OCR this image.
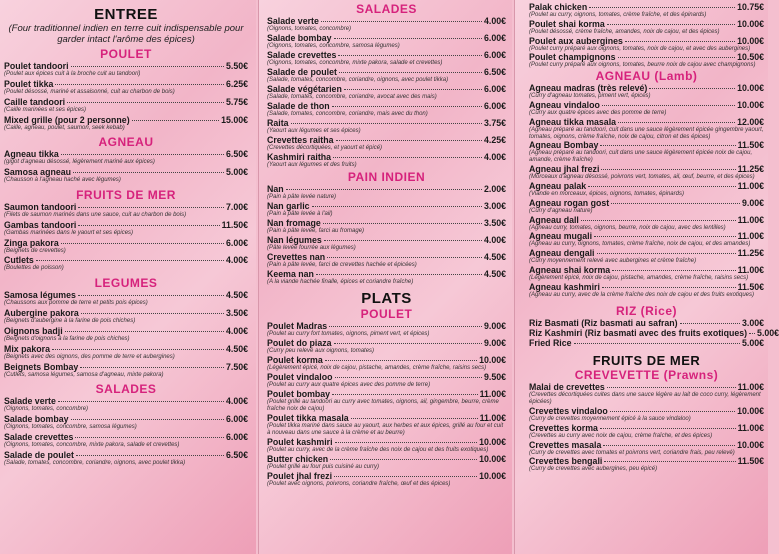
ENTREE
(Four traditionnel indien en terre cuit indispensable pour garder intact l'arôme des épices)
POULET
Poulet tandoori	5.50€
(Poulet aux épices cuit à la broche cuit au tandoori)
Poulet tikka	6.25€
(Poulet désossé, mariné et assaisonné, cuit au charbon de bois)
Caille tandoori	5.75€
(Caille marinées et ses épices)
Mixed grille (pour 2 personne)	15.00€
(Caille, agneau, poulet, saumon, seek kebab)
AGNEAU
Agneau tikka	6.50€
(gigot d'agneau désossé, légèrement mariné aux épices)
Samosa agneau	5.00€
(Chausson à l'agneau haché avec légumes)
FRUITS DE MER
Saumon tandoori	7.00€
(Filets de saumon marinés dans une sauce, cuit au charbon de bois)
Gambas tandoori	11.50€
(Gambas marinées dans le yaourt et ses épices)
Zinga pakora	6.00€
(Beignets de crevettes)
Cutlets	4.00€
(Boulettes de poisson)
LEGUMES
Samosa légumes	4.50€
(Chaussons aux pomme de terre et petits pois épices)
Aubergine pakora	3.50€
(Beignets d'aubergine à la farine de pois chiches)
Oignons badji	4.00€
(Beignets d'oignons à la farine de pois chiches)
Mix pakora	4.50€
(Beignets avec des oignons, des pomme de terre et aubergines)
Beignets Bombay	7.50€
(Cutlets, samosa légumes, samosa d'agneau, mixte pakora)
SALADES
Salade verte	4.00€
(Oignons, tomates, concombre)
Salade bombay	6.00€
(Oignons, tomates, concombre, samosa légumes)
Salade crevettes	6.00€
(Oignons, tomates, concombre, mixte pakora, salade et crevettes)
Salade de poulet	6.50€
(Salade, tomates, concombre, coriandre, oignons, avec poulet tikka)
SALADES
Salade verte	4.00€
(Oignons, tomates, concombre)
Salade bombay	6.00€
(Oignons, tomates, concombre, samosa légumes)
Salade crevettes	6.00€
(Oignons, tomates, concombre, mixte pakora, salade et crevettes)
Salade de poulet	6.50€
(Salade, tomates, concombre, coriandre, oignons, avec poulet tikka)
Salade végétarien	6.00€
(Salade, tomates, concombre, coriandre, avocat avec des mais)
Salade de thon	6.00€
(Salade, tomates, concombre, coriandre, mais avec du thon)
Raita	3.75€
(Yaourt aux légumes et ses épices)
Crevettes raitha	4.25€
(Crevettes décortiquées, et yaourt et épicé)
Kashmiri raitha	4.00€
(Yaourt aux légumes et des fruits)
PAIN INDIEN
Nan	2.00€
(Pain à pâte levée nature)
Nan garlic	3.00€
(Pain à pâte levée à l'ail)
Nan fromage	3.50€
(Pain à pâte levée, farci au fromage)
Nan légumes	4.00€
(Pâte levée fourrée aux légumes)
Crevettes nan	4.50€
(Pain à pâte levée, farci de crevettes hachée et épicées)
Keema nan	4.50€
(A la viande hachée finalle, épices et coriandre fraîche)
PLATS
POULET
Poulet Madras	9.00€
(Poulet au curry fort tomates, oignons, piment vert, et épices)
Poulet do piaza	9.00€
(Curry peu relevé aux oignons, tomates)
Poulet korma	10.00€
(Légèrement épicé, noix de cajou, pistache, amandes, crème fraîche, raisins secs)
Poulet vindaloo	9.50€
(Poulet au curry aux quatre épices avec des pomme de terre)
Poulet bombay	11.00€
(Poulet grillé au tandoori au curry avec tomates, oignons, ail, gingembre, beurre, crème fraîche noix de cajou)
Poulet tikka masala	11.00€
(Poulet tikka mariné dans sauce au yaourt, aux herbes et aux épices, grillé au four et cuit à nouveau dans une sauce à la crème et au beurre)
Poulet kashmiri	10.00€
(Poulet au curry, avec de la crème fraîche des noix de cajou et des fruits exotiques)
Butter chicken	10.00€
(Poulet grillé au four puis cuisiné au curry)
Poulet jhal frezi	10.00€
(Poulet avec oignons, poivrons, coriandre fraîche, œuf et des épices)
Palak chicken	10.75€
(Poulet au curry, oignons, tomates, crème fraîche, et des épinards)
Poulet shai korma	10.00€
(Poulet désossé, crème fraîche, amandes, noix de cajou, et des épices)
Poulet aux aubergines	10.00€
(Poulet curry préparé aux oignons, tomates, noix de cajou, et avec des aubergines)
Poulet champignons	10.50€
(Poulet curry préparé aux oignons, tomates, beurre noix de cajou avec champignons)
AGNEAU (Lamb)
Agneau madras (très relevé)	10.00€
(Curry d'agneau tomates, piment vert, épices)
Agneau vindaloo	10.00€
(Curry aux quatre épices avec des pomme de terre)
Agneau tikka masala	12.00€
(Agneau préparé au tandoori, cuit dans une sauce légèrement épicée gingembre yaourt, tomates, oignons, crème fraîche, noix de cajou, citron et des épices)
Agneau Bombay	11.50€
(Agneau préparé au tandoori, cuit dans une sauce légèrement épicée noix de cajou, amande, crème fraîche)
Agneau jhal frezi	11.25€
(Morceaux d'agneau désossé, poivrons vert, tomates, ail, œuf, beurre, et des épices)
Agneau palak	11.00€
(Viande en morceaux, épices, oignons, tomates, épinards)
Agneau rogan gost	9.00€
(Curry d'agneau nature)
Agneau dall	11.00€
(Agneau curry, tomates, oignons, beurre, noix de cajou, avec des lentilles)
Agneau mugali	11.00€
(Agneau au curry, oignons, tomates, crème fraîche, noix de cajou, et des amandes)
Agneau dengali	11.25€
(Curry moyennement relevé avec aubergines et crème fraîche)
Agneau shai korma	11.00€
(Légèrement épicé, noix de cajou, pistache, amandes, crème fraîche, raisins secs)
Agneau kashmiri	11.50€
(Agneau au curry, avec de la crème fraîche des noix de cajou et des fruits exotiques)
RIZ (Rice)
Riz Basmati (Riz basmati au safran)	3.00€
Riz Kashmiri (Riz basmati avec des fruits exotiques) 5.00€
Fried Rice	5.00€
FRUITS DE MER
CREVEVETTE (Prawns)
Malai de crevettes	11.00€
(Crevettes décortiquées cuites dans une sauce légère au lait de coco curry, légèrement épicées)
Crevettes vindaloo	10.00€
(Curry de crevettes moyennement épicé à la sauce vindaloo)
Crevettes korma	11.00€
(Crevettes au curry avec noix de cajou, crème fraîche, et des épices)
Crevettes masala	10.00€
(Curry de crevettes avec tomates et poivrons vert, coriandre frais, peu relevé)
Crevettes bengali	11.50€
(Curry de crevettes avec aubergines, peu épicé)
